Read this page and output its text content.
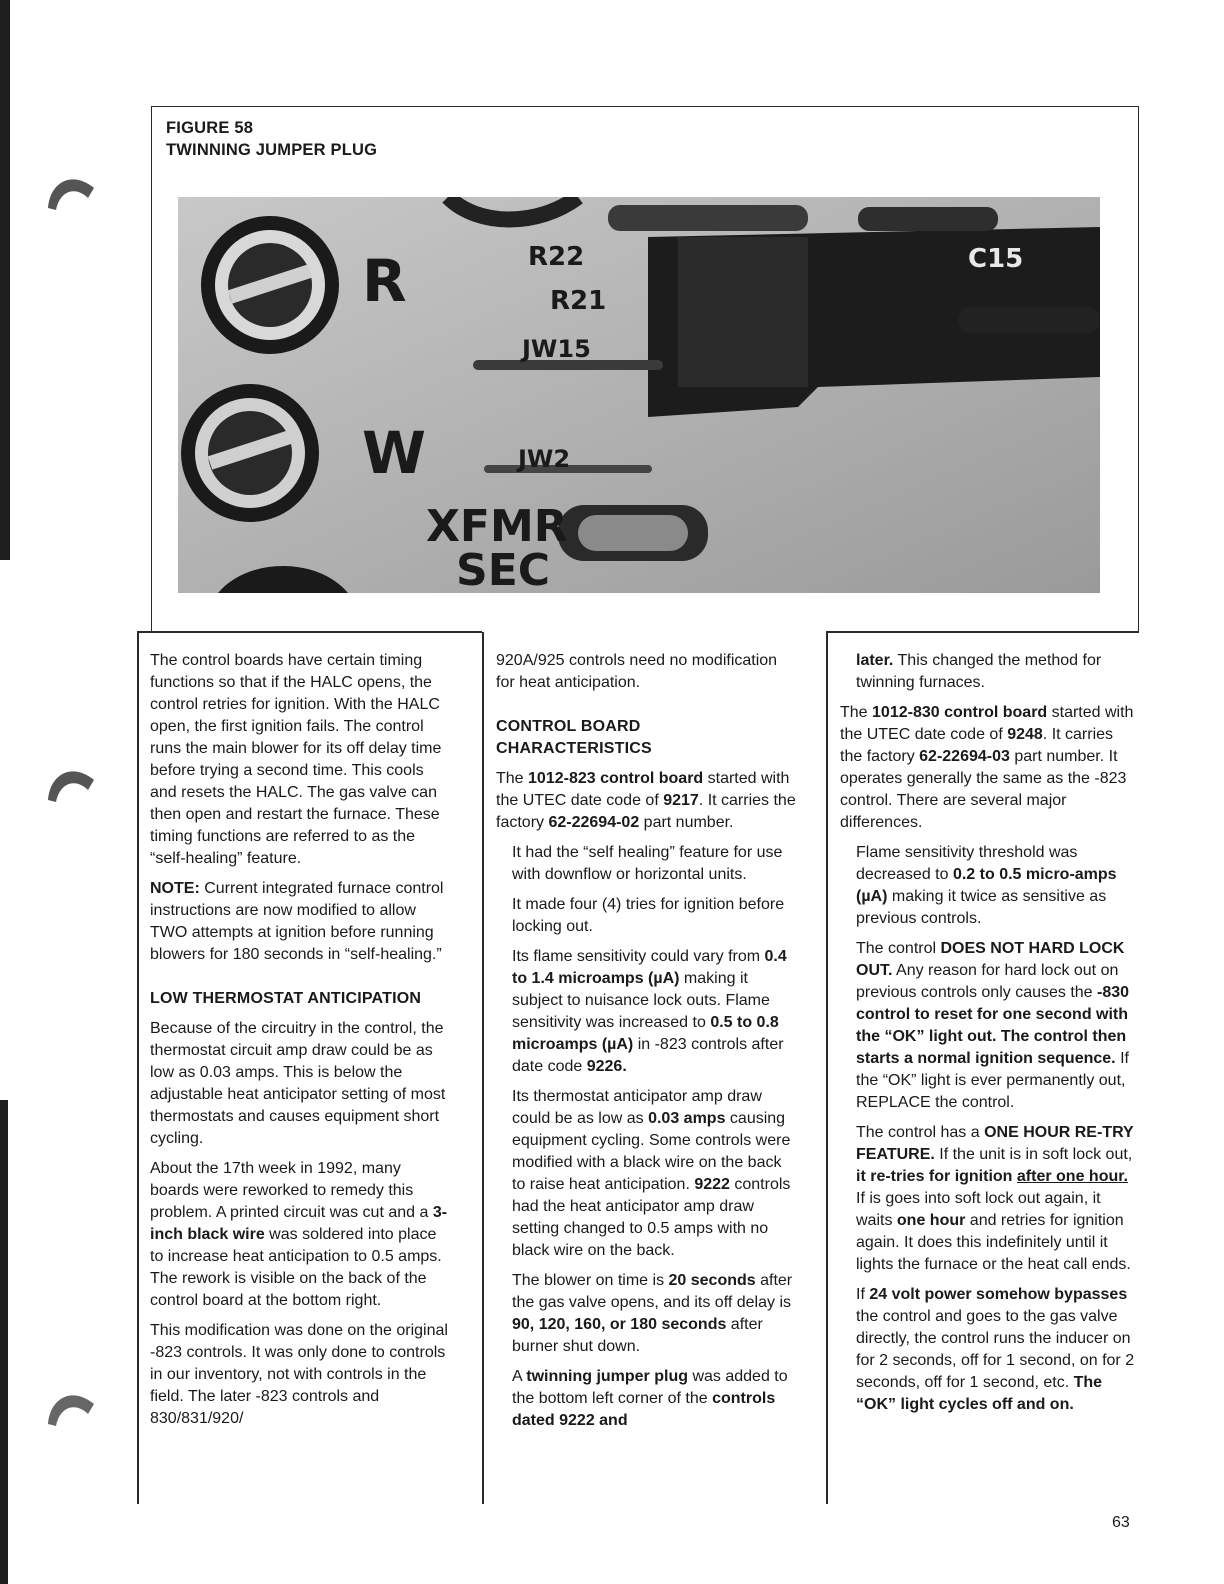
FIGURE 58
TWINNING JUMPER PLUG
R
W
R22
R21
JW15
JW2
C15
XFMR
SEC

The control boards have certain timing functions so that if the HALC opens, the control retries for ignition. With the HALC open, the first ignition fails. The control runs the main blower for its off delay time before trying a second time. This cools and resets the HALC. The gas valve can then open and restart the furnace. These timing functions are referred to as the “self-healing” feature.

NOTE: Current integrated furnace control instructions are now modified to allow TWO attempts at ignition before running blowers for 180 seconds in “self-healing.”

LOW THERMOSTAT ANTICIPATION

Because of the circuitry in the control, the thermostat circuit amp draw could be as low as 0.03 amps. This is below the adjustable heat anticipator setting of most thermostats and causes equipment short cycling.

About the 17th week in 1992, many boards were reworked to remedy this problem. A printed circuit was cut and a 3-inch black wire was soldered into place to increase heat anticipation to 0.5 amps. The rework is visible on the back of the control board at the bottom right.

This modification was done on the original -823 controls. It was only done to controls in our inventory, not with controls in the field. The later -823 controls and 830/831/920/

920A/925 controls need no modification for heat anticipation.

CONTROL BOARD CHARACTERISTICS

The 1012-823 control board started with the UTEC date code of 9217. It carries the factory 62-22694-02 part number.

It had the “self healing” feature for use with downflow or horizontal units.

It made four (4) tries for ignition before locking out.

Its flame sensitivity could vary from 0.4 to 1.4 microamps (µA) making it subject to nuisance lock outs. Flame sensitivity was increased to 0.5 to 0.8 microamps (µA) in -823 controls after date code 9226.

Its thermostat anticipator amp draw could be as low as 0.03 amps causing equipment cycling. Some controls were modified with a black wire on the back to raise heat anticipation. 9222 controls had the heat anticipator amp draw setting changed to 0.5 amps with no black wire on the back.

The blower on time is 20 seconds after the gas valve opens, and its off delay is 90, 120, 160, or 180 seconds after burner shut down.

A twinning jumper plug was added to the bottom left corner of the controls dated 9222 and

later. This changed the method for twinning furnaces.

The 1012-830 control board started with the UTEC date code of 9248. It carries the factory 62-22694-03 part number. It operates generally the same as the -823 control. There are several major differences.

Flame sensitivity threshold was decreased to 0.2 to 0.5 micro-amps (µA) making it twice as sensitive as previous controls.

The control DOES NOT HARD LOCK OUT. Any reason for hard lock out on previous controls only causes the -830 control to reset for one second with the “OK” light out. The control then starts a normal ignition sequence. If the “OK” light is ever permanently out, REPLACE the control.

The control has a ONE HOUR RE-TRY FEATURE. If the unit is in soft lock out, it re-tries for ignition after one hour. If is goes into soft lock out again, it waits one hour and retries for ignition again. It does this indefinitely until it lights the furnace or the heat call ends.

If 24 volt power somehow bypasses the control and goes to the gas valve directly, the control runs the inducer on for 2 seconds, off for 1 second, on for 2 seconds, off for 1 second, etc. The “OK” light cycles off and on.

63
